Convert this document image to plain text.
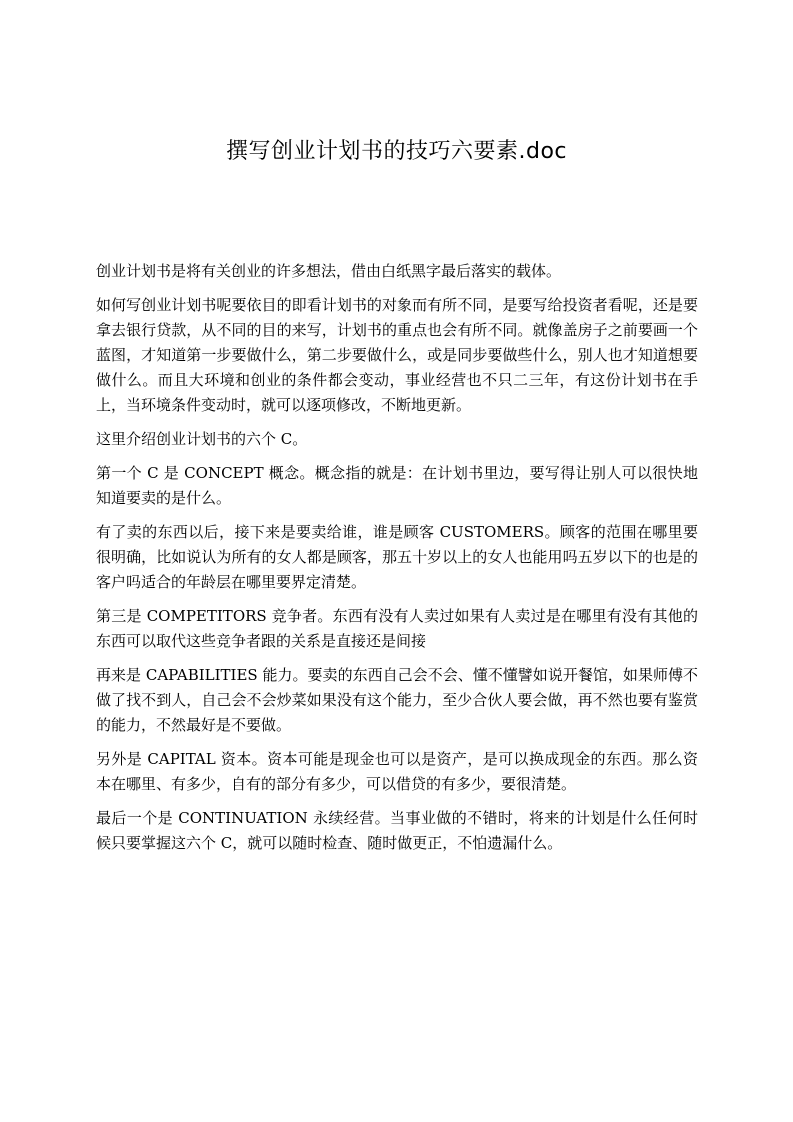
撰写创业计划书的技巧六要素.doc

创业计划书是将有关创业的许多想法，借由白纸黑字最后落实的载体。

如何写创业计划书呢要依目的即看计划书的对象而有所不同，是要写给投资者看呢，还是要拿去银行贷款，从不同的目的来写，计划书的重点也会有所不同。就像盖房子之前要画一个蓝图，才知道第一步要做什么，第二步要做什么，或是同步要做些什么，别人也才知道想要做什么。而且大环境和创业的条件都会变动，事业经营也不只二三年，有这份计划书在手上，当环境条件变动时，就可以逐项修改，不断地更新。

这里介绍创业计划书的六个 C。

第一个 C 是 CONCEPT 概念。概念指的就是：在计划书里边，要写得让别人可以很快地知道要卖的是什么。

有了卖的东西以后，接下来是要卖给谁，谁是顾客 CUSTOMERS。顾客的范围在哪里要很明确，比如说认为所有的女人都是顾客，那五十岁以上的女人也能用吗五岁以下的也是的客户吗适合的年龄层在哪里要界定清楚。

第三是 COMPETITORS 竞争者。东西有没有人卖过如果有人卖过是在哪里有没有其他的东西可以取代这些竞争者跟的关系是直接还是间接

再来是 CAPABILITIES 能力。要卖的东西自己会不会、懂不懂譬如说开餐馆，如果师傅不做了找不到人，自己会不会炒菜如果没有这个能力，至少合伙人要会做，再不然也要有鉴赏的能力，不然最好是不要做。

另外是 CAPITAL 资本。资本可能是现金也可以是资产，是可以换成现金的东西。那么资本在哪里、有多少，自有的部分有多少，可以借贷的有多少，要很清楚。

最后一个是 CONTINUATION 永续经营。当事业做的不错时，将来的计划是什么任何时候只要掌握这六个 C，就可以随时检查、随时做更正，不怕遗漏什么。
